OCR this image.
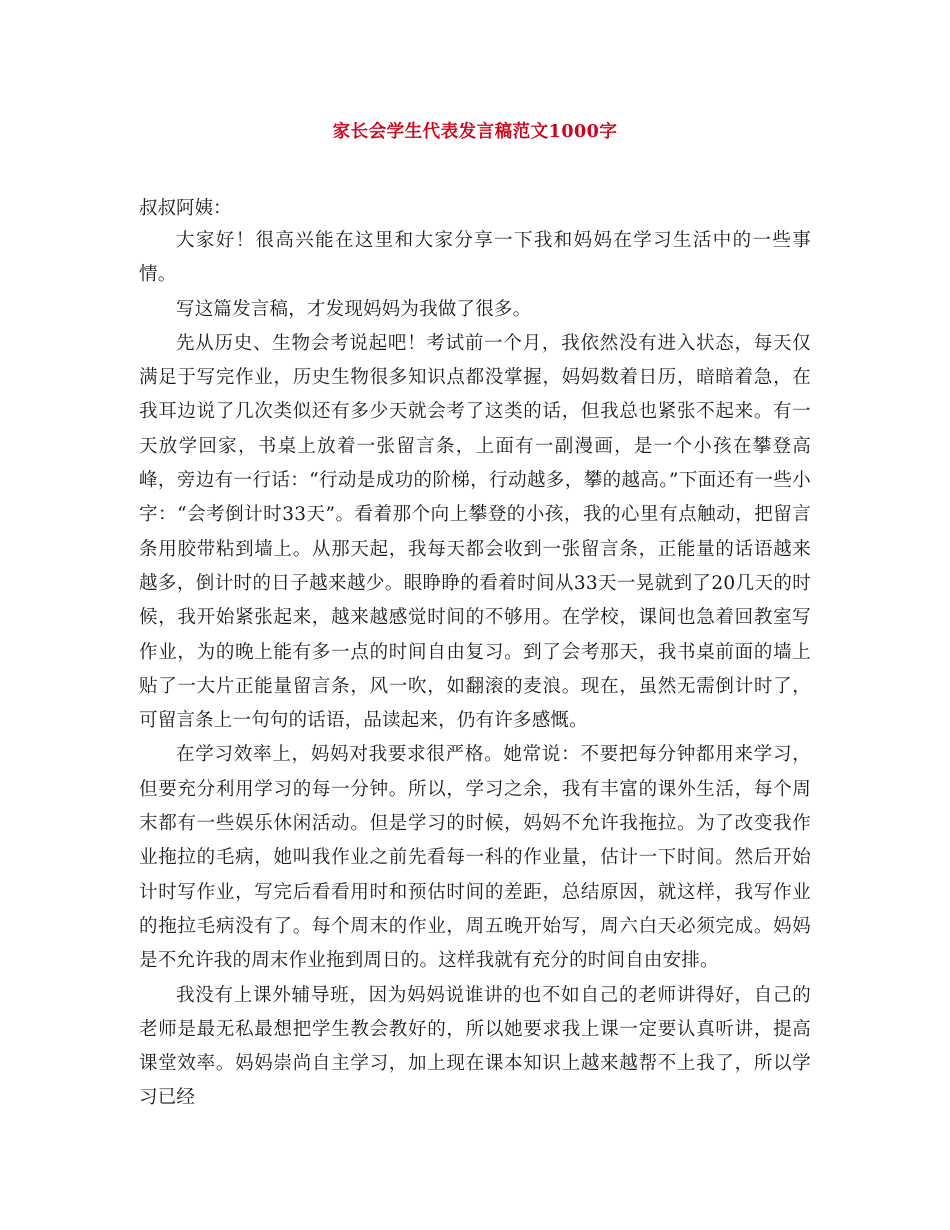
家长会学生代表发言稿范文1000字
叔叔阿姨：

大家好！很高兴能在这里和大家分享一下我和妈妈在学习生活中的一些事情。

写这篇发言稿，才发现妈妈为我做了很多。

先从历史、生物会考说起吧！考试前一个月，我依然没有进入状态，每天仅满足于写完作业，历史生物很多知识点都没掌握，妈妈数着日历，暗暗着急，在我耳边说了几次类似还有多少天就会考了这类的话，但我总也紧张不起来。有一天放学回家，书桌上放着一张留言条，上面有一副漫画，是一个小孩在攀登高峰，旁边有一行话：“行动是成功的阶梯，行动越多，攀的越高。”下面还有一些小字：“会考倒计时33天”。看着那个向上攀登的小孩，我的心里有点触动，把留言条用胶带粘到墙上。从那天起，我每天都会收到一张留言条，正能量的话语越来越多，倒计时的日子越来越少。眼睁睁的看着时间从33天一晃就到了20几天的时候，我开始紧张起来，越来越感觉时间的不够用。在学校，课间也急着回教室写作业，为的晚上能有多一点的时间自由复习。到了会考那天，我书桌前面的墙上贴了一大片正能量留言条，风一吹，如翻滚的麦浪。现在，虽然无需倒计时了，可留言条上一句句的话语，品读起来，仍有许多感慨。

在学习效率上，妈妈对我要求很严格。她常说：不要把每分钟都用来学习，但要充分利用学习的每一分钟。所以，学习之余，我有丰富的课外生活，每个周末都有一些娱乐休闲活动。但是学习的时候，妈妈不允许我拖拉。为了改变我作业拖拉的毛病，她叫我作业之前先看每一科的作业量，估计一下时间。然后开始计时写作业，写完后看看用时和预估时间的差距，总结原因，就这样，我写作业的拖拉毛病没有了。每个周末的作业，周五晚开始写，周六白天必须完成。妈妈是不允许我的周末作业拖到周日的。这样我就有充分的时间自由安排。

我没有上课外辅导班，因为妈妈说谁讲的也不如自己的老师讲得好，自己的老师是最无私最想把学生教会教好的，所以她要求我上课一定要认真听讲，提高课堂效率。妈妈崇尚自主学习，加上现在课本知识上越来越帮不上我了，所以学习已经
